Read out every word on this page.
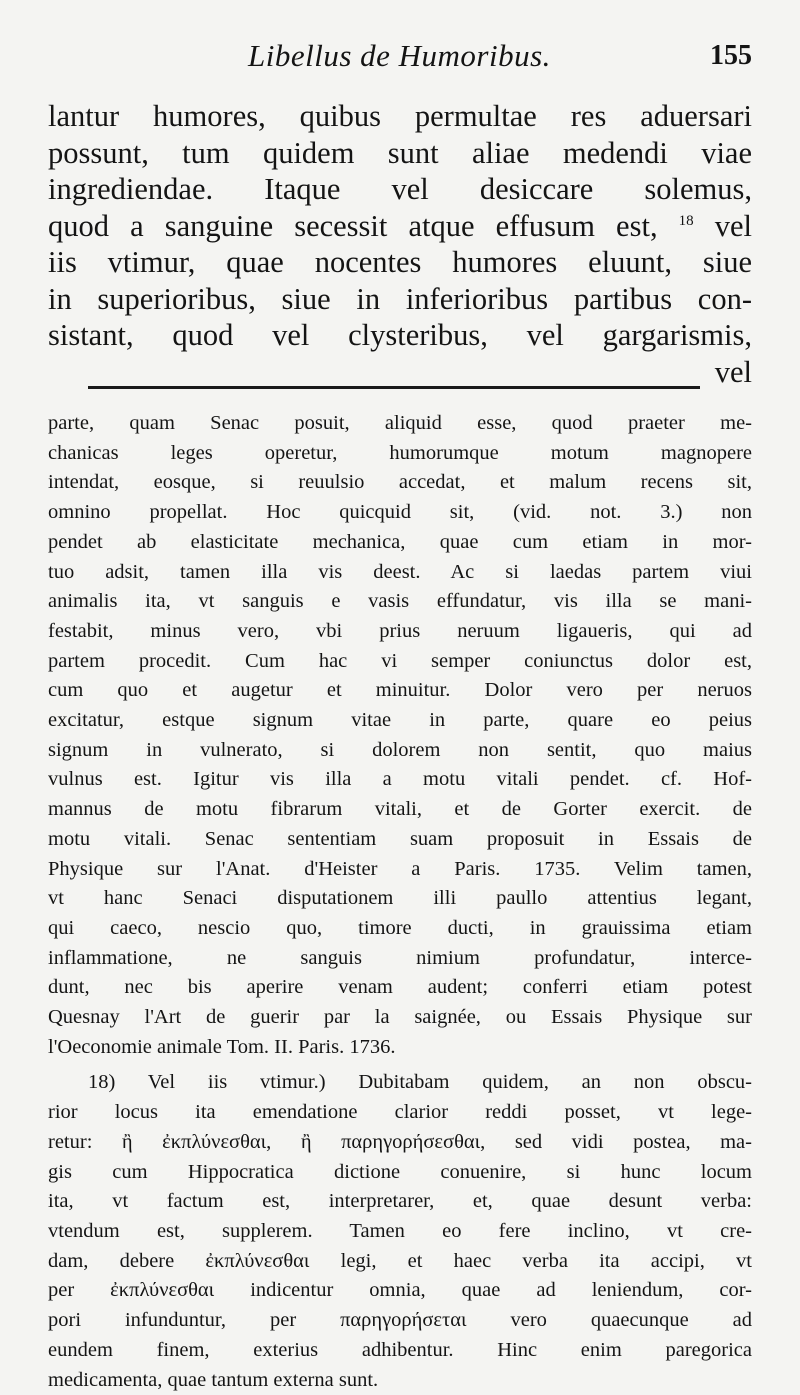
Libellus de Humoribus.	155
lantur humores, quibus permultae res aduersari
possunt, tum quidem sunt aliae medendi viae
ingrediendae. Itaque vel desiccare solemus,
quod a sanguine secessit atque effusum est, $^{18}$ vel
iis vtimur, quae nocentes humores eluunt, siue
in superioribus, siue in inferioribus partibus con-
sistant, quod vel clysteribus, vel gargarismis,
vel
parte, quam Senac posuit, aliquid esse, quod praeter me-
chanicas leges operetur, humorumque motum magnopere
intendat, eosque, si reuulsio accedat, et malum recens sit,
omnino propellat. Hoc quicquid sit, (vid. not. 3.) non
pendet ab elasticitate mechanica, quae cum etiam in mor-
tuo adsit, tamen illa vis deest. Ac si laedas partem viui
animalis ita, vt sanguis e vasis effundatur, vis illa se mani-
festabit, minus vero, vbi prius neruum ligaueris, qui ad
partem procedit. Cum hac vi semper coniunctus dolor est,
cum quo et augetur et minuitur. Dolor vero per neruos
excitatur, estque signum vitae in parte, quare eo peius
signum in vulnerato, si dolorem non sentit, quo maius
vulnus est. Igitur vis illa a motu vitali pendet. cf. Hof-
mannus de motu fibrarum vitali, et de Gorter exercit. de
motu vitali. Senac sententiam suam proposuit in Essais de
Physique sur l'Anat. d'Heister a Paris. 1735. Velim tamen,
vt hanc Senaci disputationem illi paullo attentius legant,
qui caeco, nescio quo, timore ducti, in grauissima etiam
inflammatione, ne sanguis nimium profundatur, interce-
dunt, nec bis aperire venam audent; conferri etiam potest
Quesnay l'Art de guerir par la saignée, ou Essais Physique sur
l'Oeconomie animale Tom. II. Paris. 1736.
18) Vel iis vtimur.) Dubitabam quidem, an non obscu-
rior locus ita emendatione clarior reddi posset, vt lege-
retur: ἢ ἐκπλύνεσθαι, ἢ παρηγορήσεσθαι, sed vidi postea, ma-
gis cum Hippocratica dictione conuenire, si hunc locum
ita, vt factum est, interpretarer, et, quae desunt verba:
vtendum est, supplerem. Tamen eo fere inclino, vt cre-
dam, debere ἐκπλύνεσθαι legi, et haec verba ita accipi, vt
per ἐκπλύνεσθαι indicentur omnia, quae ad leniendum, cor-
pori infunduntur, per παρηγορήσεται vero quaecunque ad
eundem finem, exterius adhibentur. Hinc enim paregorica
medicamenta, quae tantum externa sunt.
